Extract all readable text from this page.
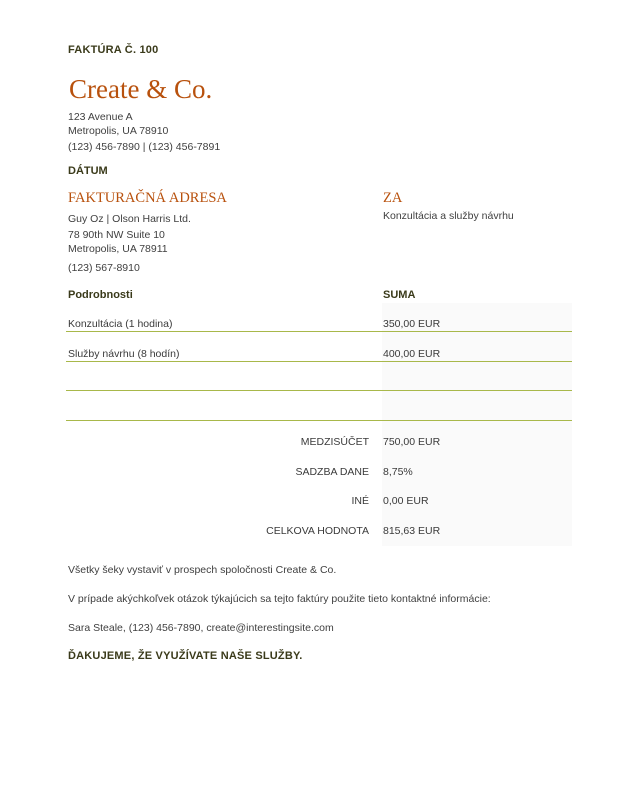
FAKTÚRA Č. 100
Create & Co.
123 Avenue A
Metropolis, UA 78910
(123) 456-7890 | (123) 456-7891
DÁTUM
FAKTURAČNÁ ADRESA
Guy Oz | Olson Harris Ltd.
78 90th NW Suite 10
Metropolis, UA 78911
(123) 567-8910
ZA
Konzultácia a služby návrhu
Podrobnosti	SUMA
Konzultácia (1 hodina)	350,00 EUR
Služby návrhu (8 hodín)	400,00 EUR
MEDZISÚČET 750,00 EUR
SADZBA DANE 8,75%
INÉ 0,00 EUR
CELKOVA HODNOTA 815,63 EUR
Všetky šeky vystaviť v prospech spoločnosti Create & Co.
V prípade akýchkoľvek otázok týkajúcich sa tejto faktúry použite tieto kontaktné informácie:
Sara Steale, (123) 456-7890, create@interestingsite.com
ĎAKUJEME, ŽE VYUŽÍVATE NAŠE SLUŽBY.
